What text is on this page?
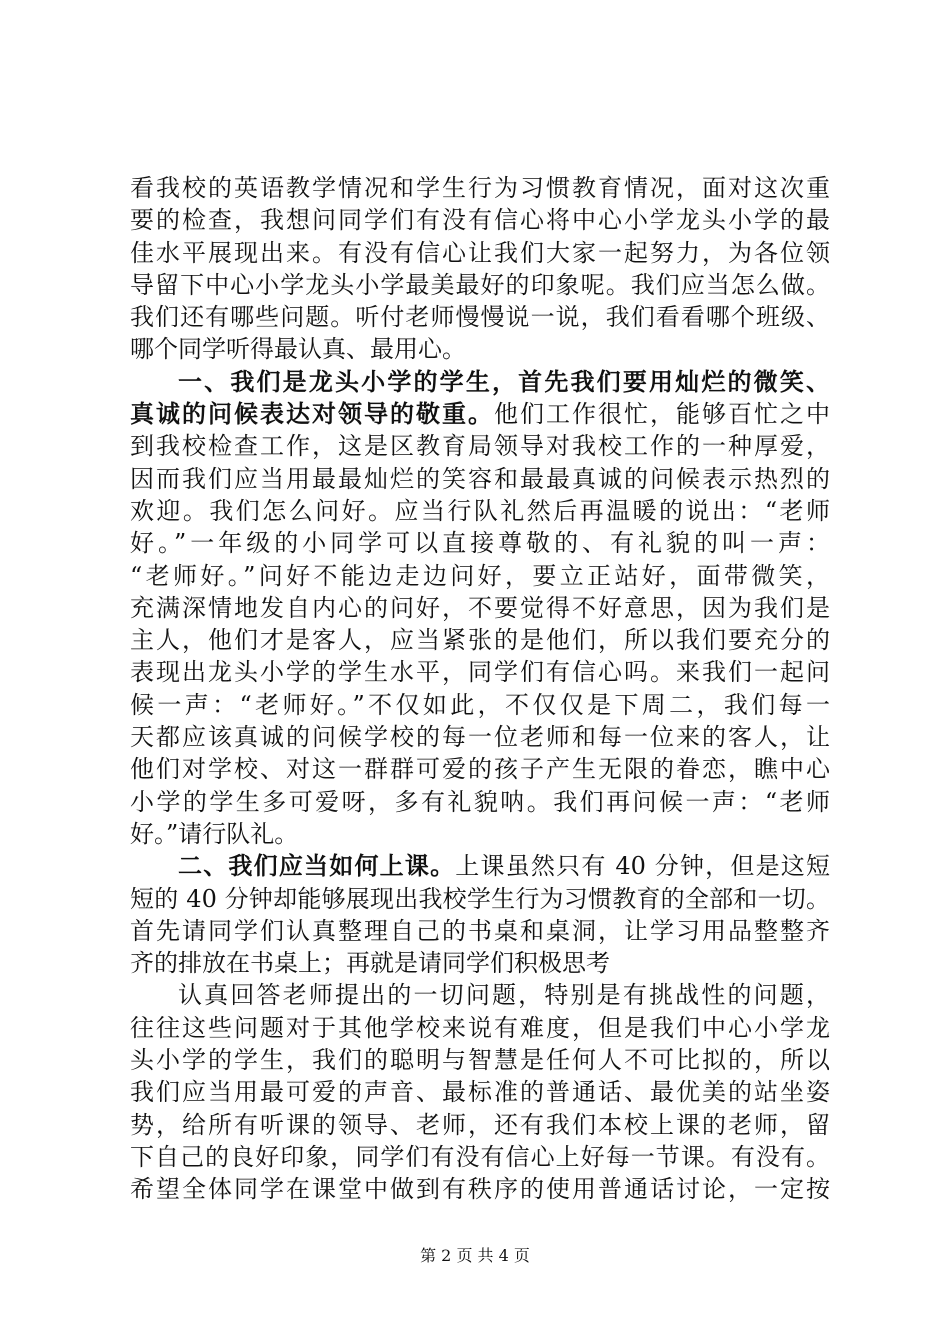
看我校的英语教学情况和学生行为习惯教育情况，面对这次重
要的检查，我想问同学们有没有信心将中心小学龙头小学的最
佳水平展现出来。有没有信心让我们大家一起努力，为各位领
导留下中心小学龙头小学最美最好的印象呢。我们应当怎么做。
我们还有哪些问题。听付老师慢慢说一说，我们看看哪个班级、
哪个同学听得最认真、最用心。
一、我们是龙头小学的学生，首先我们要用灿烂的微笑、
真诚的问候表达对领导的敬重。他们工作很忙，能够百忙之中
到我校检查工作，这是区教育局领导对我校工作的一种厚爱，
因而我们应当用最最灿烂的笑容和最最真诚的问候表示热烈的
欢迎。我们怎么问好。应当行队礼然后再温暖的说出：“老师
好。”一年级的小同学可以直接尊敬的、有礼貌的叫一声：
“老师好。”问好不能边走边问好，要立正站好，面带微笑，
充满深情地发自内心的问好，不要觉得不好意思，因为我们是
主人，他们才是客人，应当紧张的是他们，所以我们要充分的
表现出龙头小学的学生水平，同学们有信心吗。来我们一起问
候一声：“老师好。”不仅如此，不仅仅是下周二，我们每一
天都应该真诚的问候学校的每一位老师和每一位来的客人，让
他们对学校、对这一群群可爱的孩子产生无限的眷恋，瞧中心
小学的学生多可爱呀，多有礼貌呐。我们再问候一声：“老师
好。”请行队礼。
二、我们应当如何上课。上课虽然只有 40 分钟，但是这短
短的 40 分钟却能够展现出我校学生行为习惯教育的全部和一切。
首先请同学们认真整理自己的书桌和桌洞，让学习用品整整齐
齐的排放在书桌上；再就是请同学们积极思考
认真回答老师提出的一切问题，特别是有挑战性的问题，
往往这些问题对于其他学校来说有难度，但是我们中心小学龙
头小学的学生，我们的聪明与智慧是任何人不可比拟的，所以
我们应当用最可爱的声音、最标准的普通话、最优美的站坐姿
势，给所有听课的领导、老师，还有我们本校上课的老师，留
下自己的良好印象，同学们有没有信心上好每一节课。有没有。
希望全体同学在课堂中做到有秩序的使用普通话讨论，一定按
第 2 页 共 4 页
